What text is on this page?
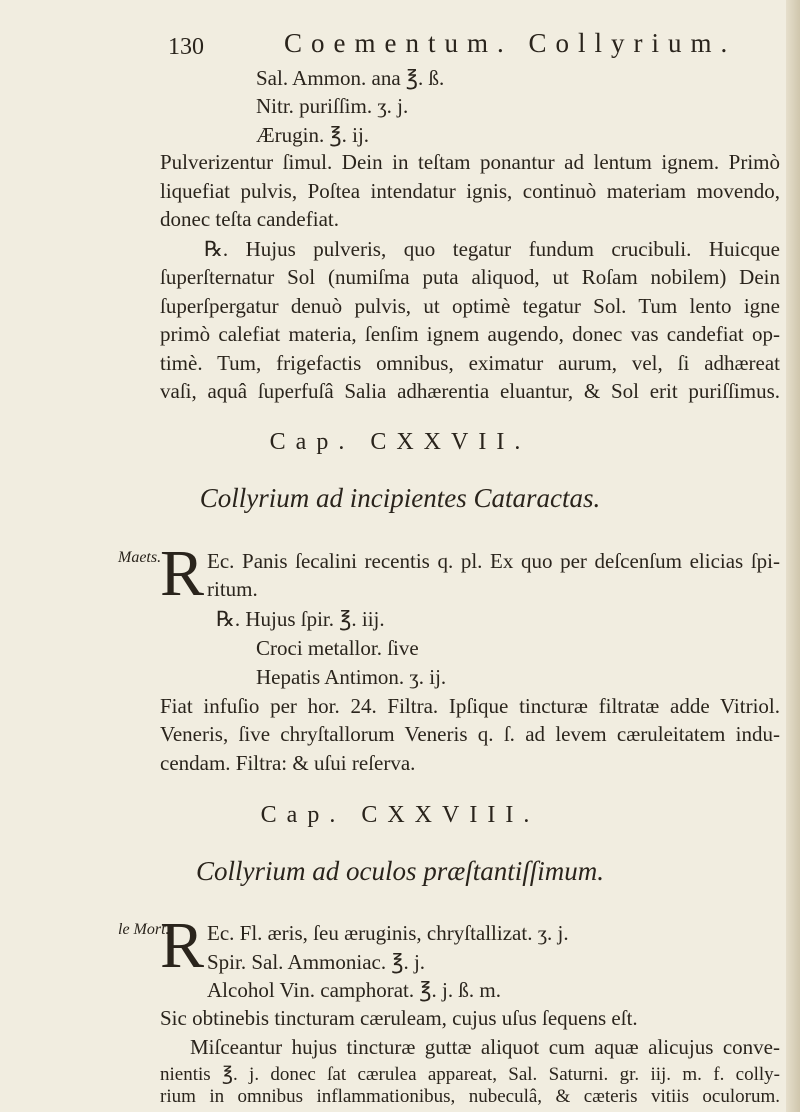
130	Coementum. Collyrium.
Sal. Ammon. ana ℥. ß.
Nitr. puriſſim. ʒ. j.
Ærugin. ℥. ij.
Pulverizentur ſimul. Dein in teſtam ponantur ad lentum ignem. Primò
liquefiat pulvis, Poſtea intendatur ignis, continuò materiam movendo,
donec teſta candefiat.
℞. Hujus pulveris, quo tegatur fundum crucibuli. Huicque
ſuperſternatur Sol (numiſma puta aliquod, ut Roſam nobilem) Dein
ſuperſpergatur denuò pulvis, ut optimè tegatur Sol. Tum lento igne
primò calefiat materia, ſenſim ignem augendo, donec vas candefiat op-
timè. Tum, frigefactis omnibus, eximatur aurum, vel, ſi adhæreat
vaſi, aquâ ſuperfuſâ Salia adhærentia eluantur, & Sol erit puriſſimus.
Cap. CXXVII.
Collyrium ad incipientes Cataractas.
Maets.
R Ec. Panis ſecalini recentis q. pl. Ex quo per deſcenſum elicias ſpi-
ritum.
℞. Hujus ſpir. ℥. iij.
Croci metallor. ſive
Hepatis Antimon. ʒ. ij.
Fiat infuſio per hor. 24. Filtra. Ipſique tincturæ filtratæ adde Vitriol.
Veneris, ſive chryſtallorum Veneris q. ſ. ad levem cæruleitatem indu-
cendam. Filtra: & uſui reſerva.
Cap. CXXVIII.
Collyrium ad oculos præſtantiſſimum.
le Mort.
R Ec. Fl. æris, ſeu æruginis, chryſtallizat. ʒ. j.
Spir. Sal. Ammoniac. ℥. j.
Alcohol Vin. camphorat. ℥. j. ß. m.
Sic obtinebis tincturam cæruleam, cujus uſus ſequens eſt.
Miſceantur hujus tincturæ guttæ aliquot cum aquæ alicujus conve-
nientis ℥. j. donec ſat cærulea appareat, Sal. Saturni. gr. iij. m. f. colly-
rium in omnibus inflammationibus, nubeculâ, & cæteris vitiis oculorum.
